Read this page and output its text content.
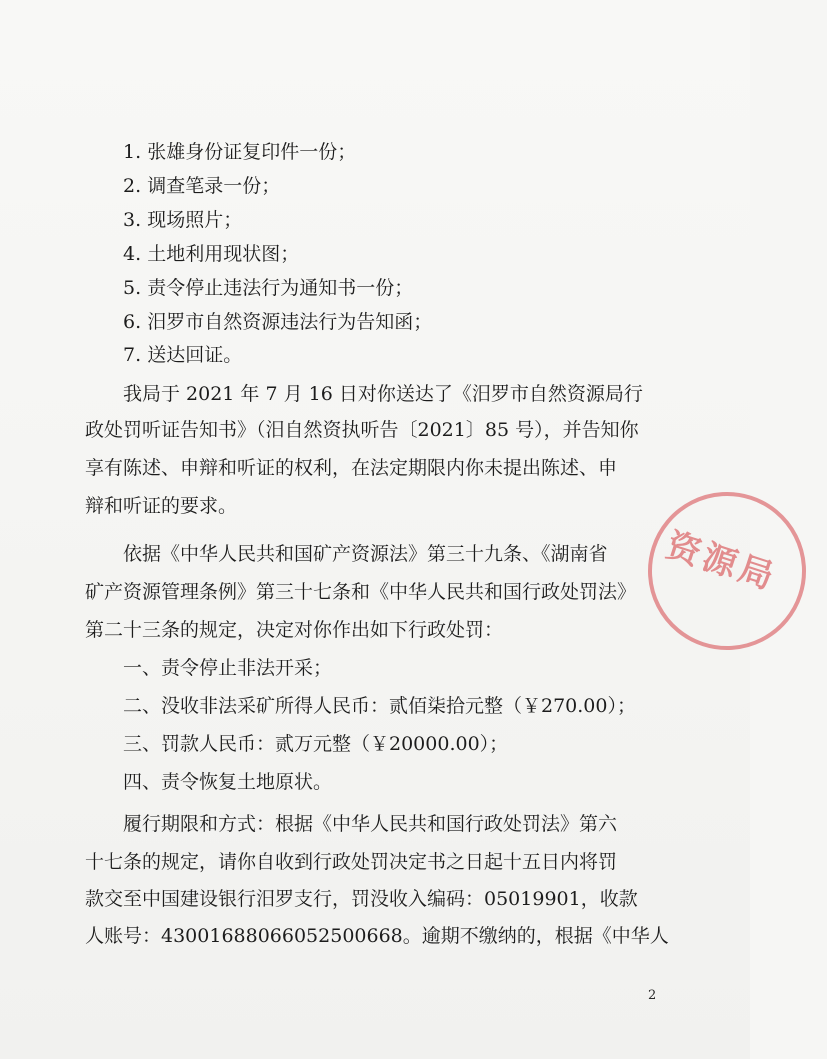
1. 张雄身份证复印件一份；
2. 调查笔录一份；
3. 现场照片；
4. 土地利用现状图；
5. 责令停止违法行为通知书一份；
6. 汨罗市自然资源违法行为告知函；
7. 送达回证。
我局于 2021 年 7 月 16 日对你送达了《汨罗市自然资源局行
政处罚听证告知书》（汨自然资执听告〔2021〕85 号），并告知你
享有陈述、申辩和听证的权利，在法定期限内你未提出陈述、申
辩和听证的要求。
依据《中华人民共和国矿产资源法》第三十九条、《湖南省
矿产资源管理条例》第三十七条和《中华人民共和国行政处罚法》
第二十三条的规定，决定对你作出如下行政处罚：
一、责令停止非法开采；
二、没收非法采矿所得人民币：贰佰柒拾元整（￥270.00）；
三、罚款人民币：贰万元整（￥20000.00）；
四、责令恢复土地原状。
履行期限和方式：根据《中华人民共和国行政处罚法》第六
十七条的规定，请你自收到行政处罚决定书之日起十五日内将罚
款交至中国建设银行汨罗支行，罚没收入编码：05019901，收款
人账号：43001688066052500668。逾期不缴纳的，根据《中华人
资源局
2
